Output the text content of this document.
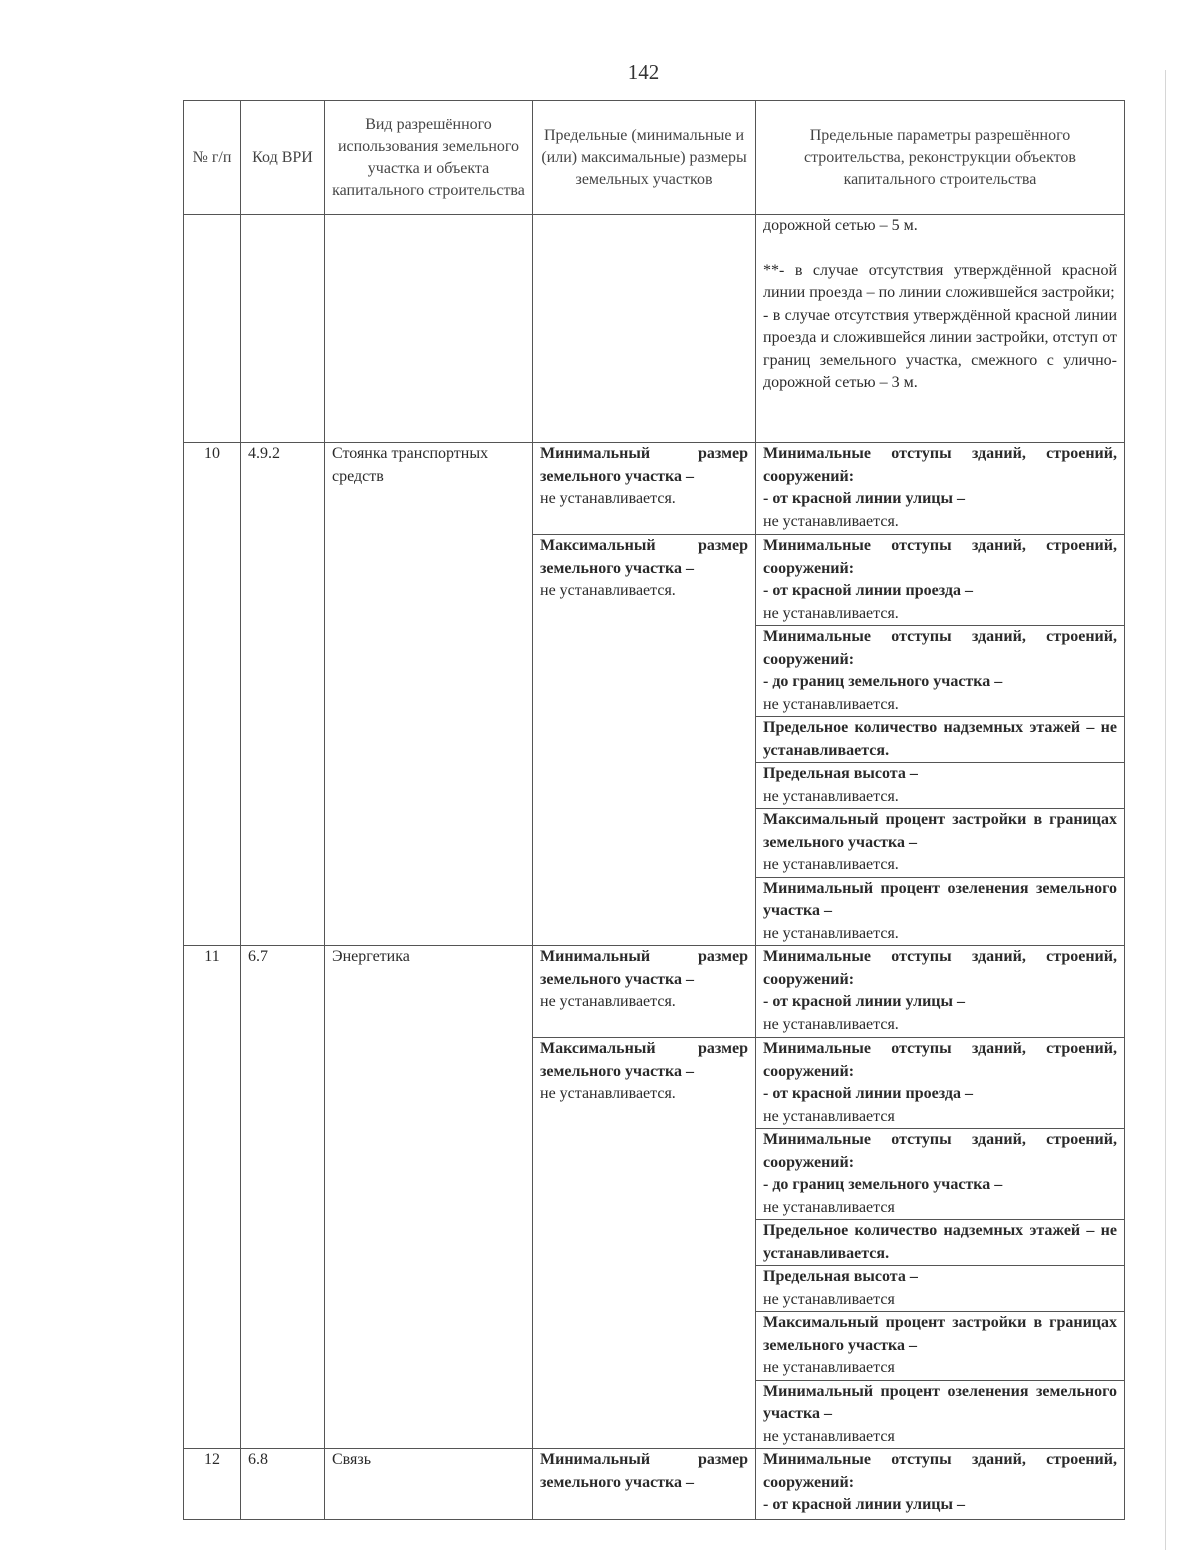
142
№ г/п	Код ВРИ	Вид разрешённого использования земельного участка и объекта капитального строительства	Предельные (минимальные и (или) максимальные) размеры земельных участков	Предельные параметры разрешённого строительства, реконструкции объектов капитального строительства

				дорожной сетью – 5 м.

**- в случае отсутствия утверждённой красной линии проезда – по линии сложившейся застройки;

- в случае отсутствия утверждённой красной линии проезда и сложившейся линии застройки, отступ от границ земельного участка, смежного с улично-дорожной сетью – 3 м.

10	4.9.2	Стоянка транспортных средств	Минимальный размер земельного участка –
не устанавливается.	Минимальные отступы зданий, строений, сооружений:
- от красной линии улицы –
не устанавливается.
			Максимальный размер земельного участка –
не устанавливается.	Минимальные отступы зданий, строений, сооружений:
- от красной линии проезда –
не устанавливается.
				Минимальные отступы зданий, строений, сооружений:
- до границ земельного участка –
не устанавливается.
				Предельное количество надземных этажей – не устанавливается.
				Предельная высота –
не устанавливается.
				Максимальный процент застройки в границах земельного участка –
не устанавливается.
				Минимальный процент озеленения земельного участка –
не устанавливается.
11	6.7	Энергетика	Минимальный размер земельного участка –
не устанавливается.	Минимальные отступы зданий, строений, сооружений:
- от красной линии улицы –
не устанавливается.
			Максимальный размер земельного участка –
не устанавливается.	Минимальные отступы зданий, строений, сооружений:
- от красной линии проезда –
не устанавливается
				Минимальные отступы зданий, строений, сооружений:
- до границ земельного участка –
не устанавливается
				Предельное количество надземных этажей – не устанавливается.
				Предельная высота –
не устанавливается
				Максимальный процент застройки в границах земельного участка –
не устанавливается
				Минимальный процент озеленения земельного участка –
не устанавливается
12	6.8	Связь	Минимальный размер земельного участка –	Минимальные отступы зданий, строений, сооружений:
- от красной линии улицы –
